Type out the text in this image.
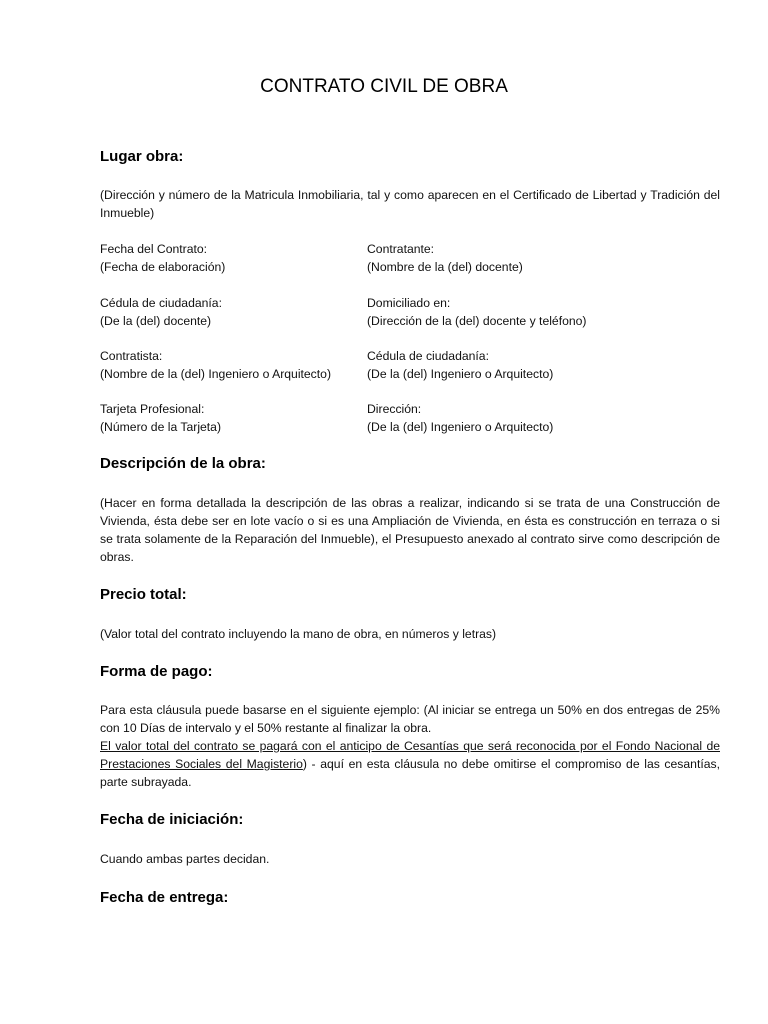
CONTRATO CIVIL DE OBRA
Lugar obra:
(Dirección y número de la Matricula Inmobiliaria, tal y como aparecen en el Certificado de Libertad y Tradición del Inmueble)
Fecha del Contrato:
(Fecha de elaboración)
Contratante:
(Nombre de la (del) docente)
Cédula de ciudadanía:
(De la (del) docente)
Domiciliado en:
(Dirección de la (del) docente y teléfono)
Contratista:
(Nombre de la (del) Ingeniero o Arquitecto)
Cédula de ciudadanía:
(De la (del) Ingeniero o Arquitecto)
Tarjeta Profesional:
(Número de la Tarjeta)
Dirección:
(De la (del) Ingeniero o Arquitecto)
Descripción de la obra:
(Hacer en forma detallada la descripción de las obras a realizar, indicando si se trata de una Construcción de Vivienda, ésta debe ser en lote vacío o si es una Ampliación de Vivienda, en ésta es construcción en terraza o si se trata solamente de la Reparación del Inmueble), el Presupuesto anexado al contrato sirve como descripción de obras.
Precio total:
(Valor total del contrato incluyendo la mano de obra, en números y letras)
Forma de pago:
Para esta cláusula puede basarse en el siguiente ejemplo: (Al iniciar se entrega un 50% en dos entregas de 25% con 10 Días de intervalo y el 50% restante al finalizar la obra.
El valor total del contrato se pagará con el anticipo de Cesantías que será reconocida por el Fondo Nacional de Prestaciones Sociales del Magisterio) - aquí en esta cláusula no debe omitirse el compromiso de las cesantías, parte subrayada.
Fecha de iniciación:
Cuando ambas partes decidan.
Fecha de entrega:
